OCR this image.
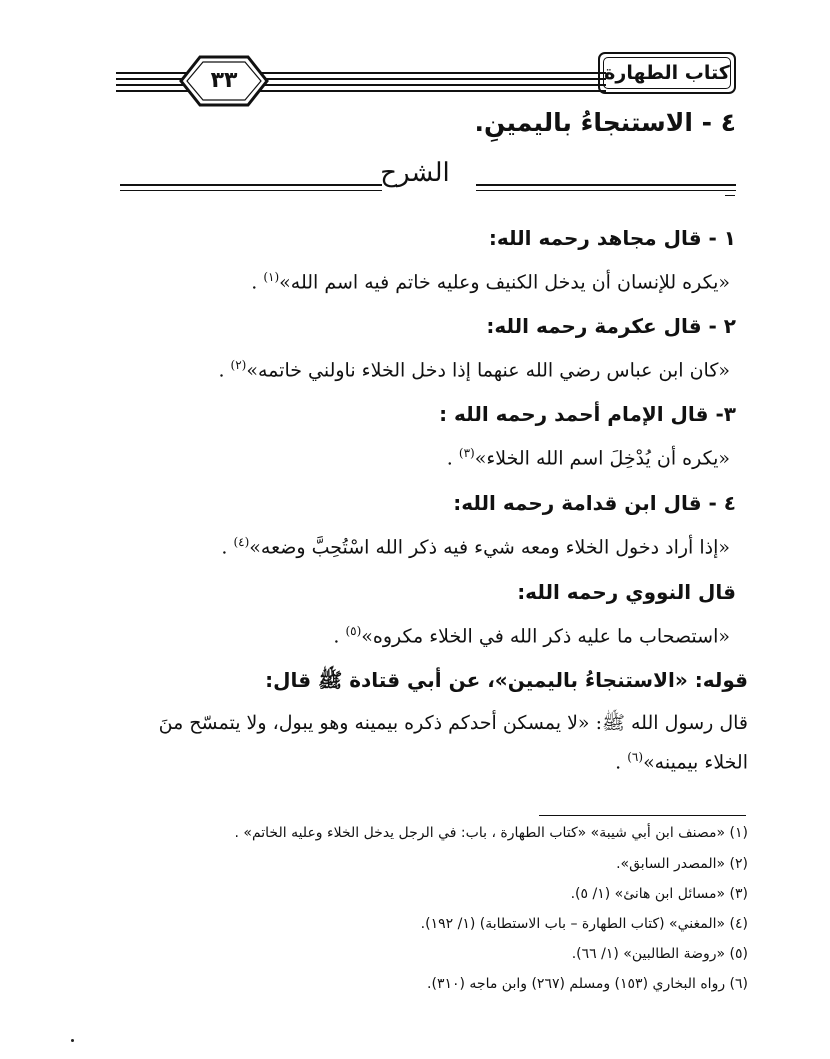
٣٣	كتاب الطهارة
٤ - الاستنجاءُ باليمينِ.
الشرح
١ - قال مجاهد رحمه الله:
«يكره للإنسان أن يدخل الكنيف وعليه خاتم فيه اسم الله»$^{(١)}$ .
٢ - قال عكرمة رحمه الله:
«كان ابن عباس رضي الله عنهما إذا دخل الخلاء ناولني خاتمه»$^{(٢)}$ .
٣- قال الإمام أحمد رحمه الله :
«يكره أن يُدْخِلَ اسم الله الخلاء»$^{(٣)}$ .
٤ - قال ابن قدامة رحمه الله:
«إذا أراد دخول الخلاء ومعه شيء فيه ذكر الله اسْتُحِبَّ وضعه»$^{(٤)}$ .
قال النووي رحمه الله:
«استصحاب ما عليه ذكر الله في الخلاء مكروه»$^{(٥)}$ .
قوله: «الاستنجاءُ باليمين»، عن أبي قتادة ﷺ قال:
قال رسول الله ﷺ: «لا يمسكن أحدكم ذكره بيمينه وهو يبول، ولا يتمسّح منَ
الخلاء بيمينه»$^{(٦)}$ .
(١) «مصنف ابن أبي شيبة» «كتاب الطهارة ، باب: في الرجل يدخل الخلاء وعليه الخاتم» .
(٢) «المصدر السابق».
(٣) «مسائل ابن هانئ» (١/ ٥).
(٤) «المغني» (كتاب الطهارة – باب الاستطابة) (١/ ١٩٢).
(٥) «روضة الطالبين» (١/ ٦٦).
(٦) رواه البخاري (١٥٣) ومسلم (٢٦٧) وابن ماجه (٣١٠).
